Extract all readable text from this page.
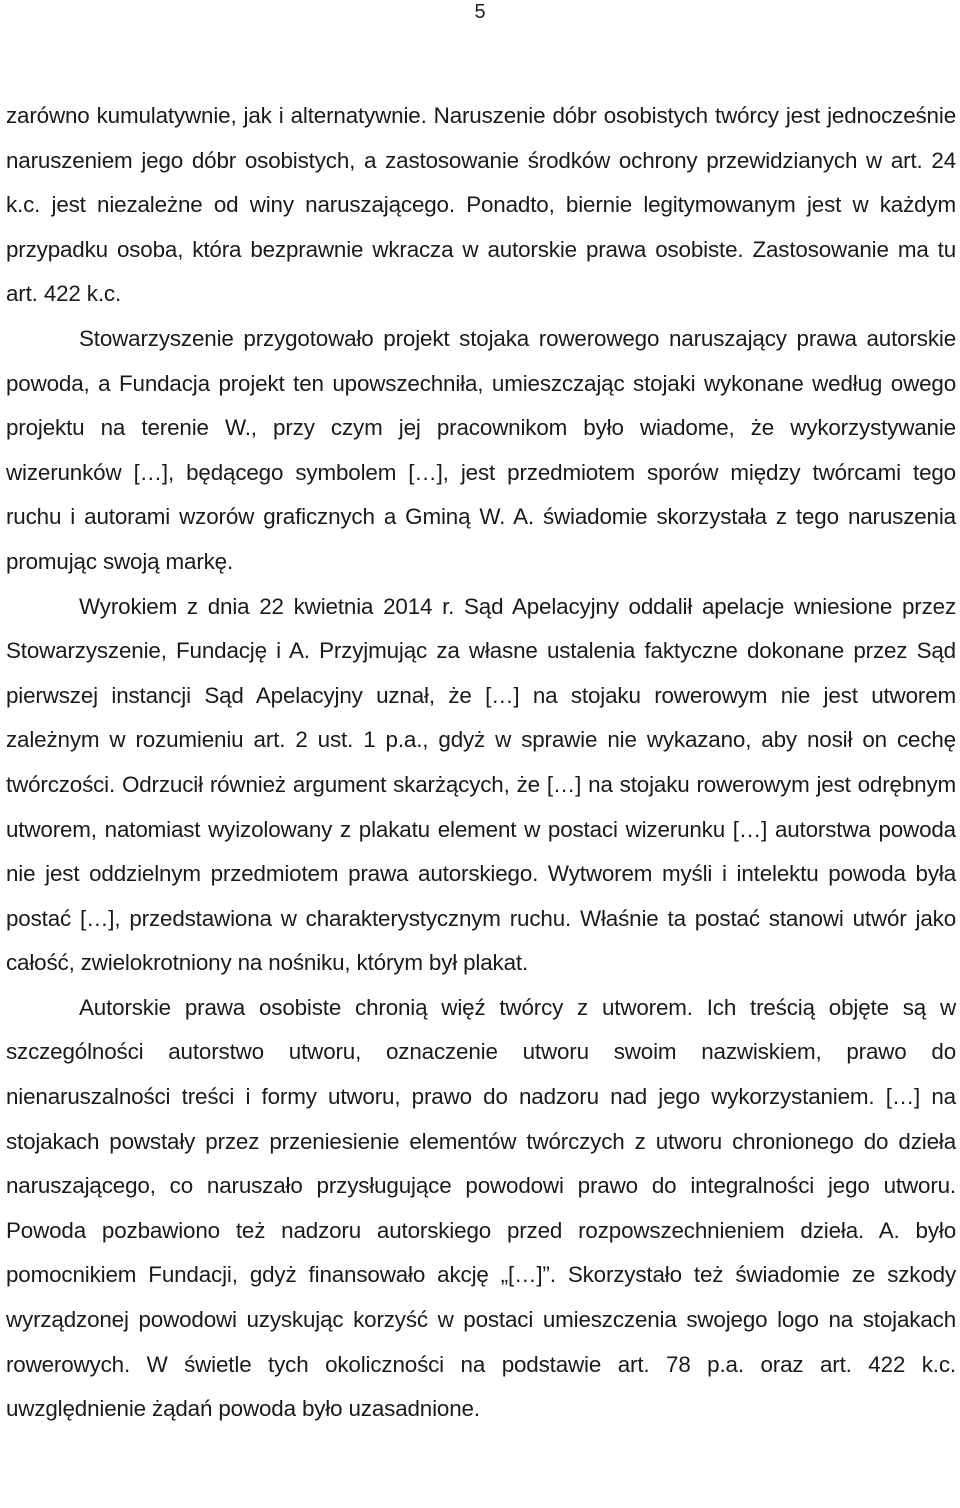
5

zarówno kumulatywnie, jak i alternatywnie. Naruszenie dóbr osobistych twórcy jest jednocześnie naruszeniem jego dóbr osobistych, a zastosowanie środków ochrony przewidzianych w art. 24 k.c. jest niezależne od winy naruszającego. Ponadto, biernie legitymowanym jest w każdym przypadku osoba, która bezprawnie wkracza w autorskie prawa osobiste. Zastosowanie ma tu art. 422 k.c.

Stowarzyszenie przygotowało projekt stojaka rowerowego naruszający prawa autorskie powoda, a Fundacja projekt ten upowszechniła, umieszczając stojaki wykonane według owego projektu na terenie W., przy czym jej pracownikom było wiadome, że wykorzystywanie wizerunków […], będącego symbolem […], jest przedmiotem sporów między twórcami tego ruchu i autorami wzorów graficznych a Gminą W. A. świadomie skorzystała z tego naruszenia promując swoją markę.

Wyrokiem z dnia 22 kwietnia 2014 r. Sąd Apelacyjny oddalił apelacje wniesione przez Stowarzyszenie, Fundację i A. Przyjmując za własne ustalenia faktyczne dokonane przez Sąd pierwszej instancji Sąd Apelacyjny uznał, że […] na stojaku rowerowym nie jest utworem zależnym w rozumieniu art. 2 ust. 1 p.a., gdyż w sprawie nie wykazano, aby nosił on cechę twórczości. Odrzucił również argument skarżących, że […] na stojaku rowerowym jest odrębnym utworem, natomiast wyizolowany z plakatu element w postaci wizerunku […] autorstwa powoda nie jest oddzielnym przedmiotem prawa autorskiego. Wytworem myśli i intelektu powoda była postać […], przedstawiona w charakterystycznym ruchu. Właśnie ta postać stanowi utwór jako całość, zwielokrotniony na nośniku, którym był plakat.

Autorskie prawa osobiste chronią więź twórcy z utworem. Ich treścią objęte są w szczególności autorstwo utworu, oznaczenie utworu swoim nazwiskiem, prawo do nienaruszalności treści i formy utworu, prawo do nadzoru nad jego wykorzystaniem. […] na stojakach powstały przez przeniesienie elementów twórczych z utworu chronionego do dzieła naruszającego, co naruszało przysługujące powodowi prawo do integralności jego utworu. Powoda pozbawiono też nadzoru autorskiego przed rozpowszechnieniem dzieła. A. było pomocnikiem Fundacji, gdyż finansowało akcję „[…]”. Skorzystało też świadomie ze szkody wyrządzonej powodowi uzyskując korzyść w postaci umieszczenia swojego logo na stojakach rowerowych. W świetle tych okoliczności na podstawie art. 78 p.a. oraz art. 422 k.c. uwzględnienie żądań powoda było uzasadnione.
